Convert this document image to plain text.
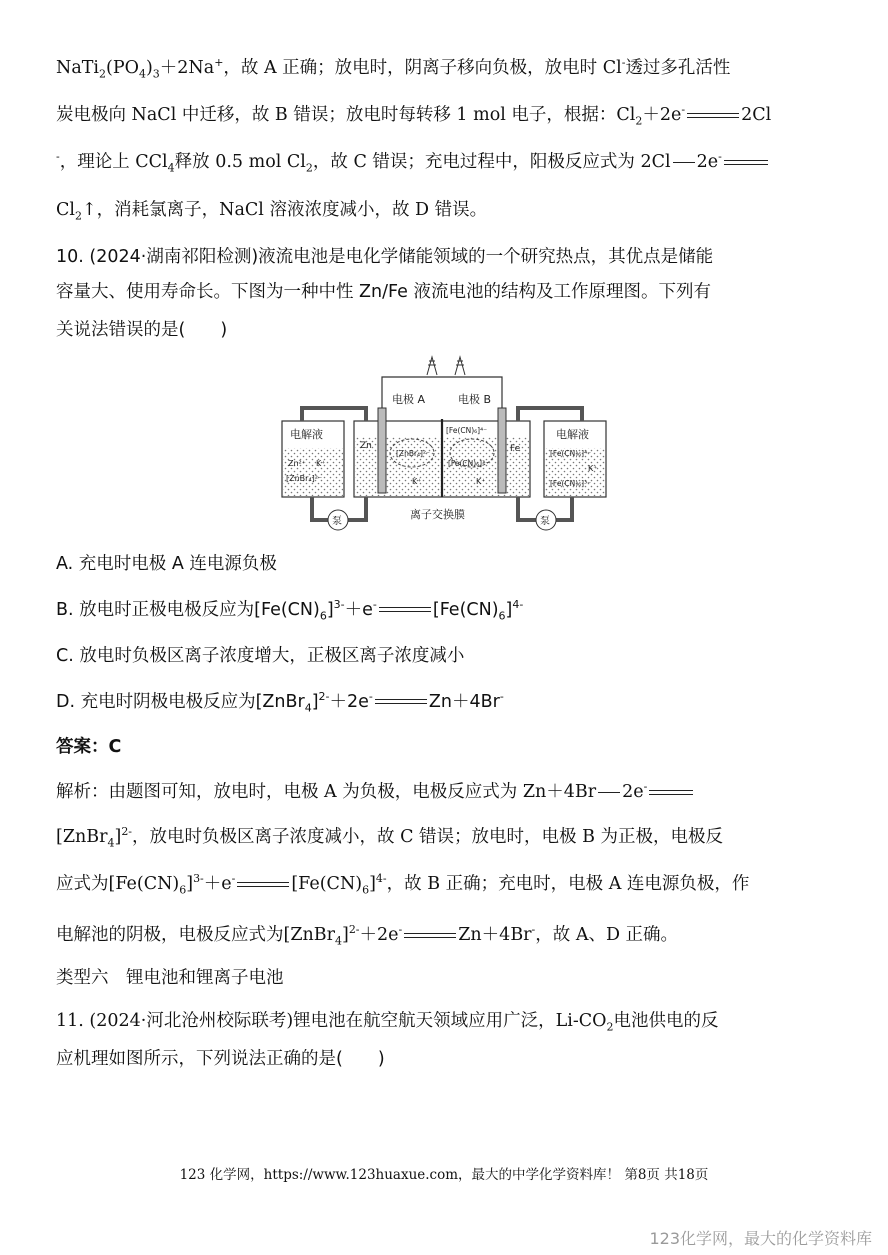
$NaTi_2(PO_4)_3+2Na^+$，故 A 正确；放电时，阴离子移向负极，放电时 Cl-透过多孔活性
炭电极向 NaCl 中迁移，故 B 错误；放电时每转移 1 mol 电子，根据：$Cl_2+2e^-$	2Cl
-，理论上 CCl$_4$释放 0.5 mol $Cl_2$，故 C 错误；充电过程中，阳极反应式为 2Cl 2e-
$Cl_2↑$，消耗氯离子，NaCl 溶液浓度减小，故 D 错误。
10. (2024·湖南祁阳检测)液流电池是电化学储能领域的一个研究热点，其优点是储能
容量大、使用寿命长。下图为一种中性 Zn/Fe 液流电池的结构及工作原理图。下列有
关说法错误的是(　　)
电解液
Zn²⁺ K⁺
[ZnBr₄]²⁻
电解液
[Fe(CN)₆]⁴⁻
K⁺
[Fe(CN)₆]³⁻
电极 A	电极 B
Zn	Fe
[ZnBr₄]²⁻
K⁺
[Fe(CN)₆]⁴⁻
[Fe(CN)₆]³⁻
K⁺
泵	泵
离子交换膜
A. 充电时电极 A 连电源负极
B. 放电时正极电极反应为$[Fe(CN)_6]^{3-}+e^-$	$[Fe(CN)_6]^{4-}$
C. 放电时负极区离子浓度增大，正极区离子浓度减小
D. 充电时阴极电极反应为[ZnBr$_4$]$^{2-}$＋2e-	Zn＋4Br-
答案：C
解析：由题图可知，放电时，电极 A 为负极，电极反应式为 Zn＋4Br 2e-
[ZnBr$_4$]$^{2-}$，放电时负极区离子浓度减小，故 C 错误；放电时，电极 B 为正极，电极反
应式为$[Fe(CN)_6]^{3-}+e^-$	$[Fe(CN)_6]^{4-}$，故 B 正确；充电时，电极 A 连电源负极，作
电解池的阴极，电极反应式为[ZnBr$_4$]$^{2-}$＋2e-	Zn＋4Br-，故 A、D 正确。
类型六　锂电池和锂离子电池
11. (2024·河北沧州校际联考)锂电池在航空航天领域应用广泛，$Li-CO_2$电池供电的反
应机理如图所示，下列说法正确的是(　　)
123 化学网，https://www.123huaxue.com，最大的中学化学资料库！ 第8页 共18页
123化学网，最大的化学资料库
